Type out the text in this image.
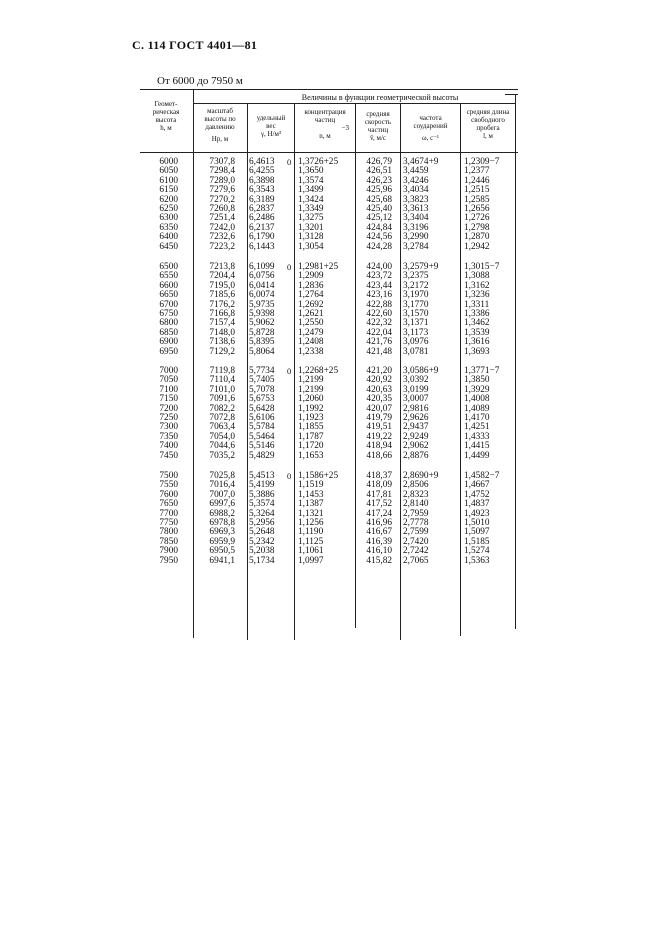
С. 114 ГОСТ 4401—81
От 6000 до 7950 м
Величины в функции геометрической высоты
Геомет-
рическая
высота
h, м
масштаб
высоты по
давлению
Hp, м
удельный
вес
γ, Н/м³
концентрация
частиц
−3
n, м
средняя
скорость
частиц
v̄, м/с
частота
соударений
ω, с⁻¹
средняя длина
свободного
пробега
l, м
6000	7307,8 6,4613	1,3726+25	426,79 3,4674+9	1,2309−7
0
6050	7298,4 6,4255	1,3650	426,51 3,4459	1,2377
6100	7289,0 6,3898	1,3574	426,23 3,4246	1,2446
6150	7279,6 6,3543	1,3499	425,96 3,4034	1,2515
6200	7270,2 6,3189	1,3424	425,68 3,3823	1,2585
6250	7260,8 6,2837	1,3349	425,40 3,3613	1,2656
6300	7251,4 6,2486	1,3275	425,12 3,3404	1,2726
6350	7242,0 6,2137	1,3201	424,84 3,3196	1,2798
6400	7232,6 6,1790	1,3128	424,56 3,2990	1,2870
6450	7223,2 6,1443	1,3054	424,28 3,2784	1,2942
6500	7213,8 6,1099	1,2981+25	424,00 3,2579+9	1,3015−7
0
6550	7204,4 6,0756	1,2909	423,72 3,2375	1,3088
6600	7195,0 6,0414	1,2836	423,44 3,2172	1,3162
6650	7185,6 6,0074	1,2764	423,16 3,1970	1,3236
6700	7176,2 5,9735	1,2692	422,88 3,1770	1,3311
6750	7166,8 5,9398	1,2621	422,60 3,1570	1,3386
6800	7157,4 5,9062	1,2550	422,32 3,1371	1,3462
6850	7148,0 5,8728	1,2479	422,04 3,1173	1,3539
6900	7138,6 5,8395	1,2408	421,76 3,0976	1,3616
6950	7129,2 5,8064	1,2338	421,48 3,0781	1,3693
7000	7119,8 5,7734	1,2268+25	421,20 3,0586+9	1,3771−7
0
7050	7110,4 5,7405	1,2199	420,92 3,0392	1,3850
7100	7101,0 5,7078	1,2199	420,63 3,0199	1,3929
7150	7091,6 5,6753	1,2060	420,35 3,0007	1,4008
7200	7082,2 5,6428	1,1992	420,07 2,9816	1,4089
7250	7072,8 5,6106	1,1923	419,79 2,9626	1,4170
7300	7063,4 5,5784	1,1855	419,51 2,9437	1,4251
7350	7054,0 5,5464	1,1787	419,22 2,9249	1,4333
7400	7044,6 5,5146	1,1720	418,94 2,9062	1,4415
7450	7035,2 5,4829	1,1653	418,66 2,8876	1,4499
7500	7025,8 5,4513	1,1586+25	418,37 2,8690+9	1,4582−7
0
7550	7016,4 5,4199	1,1519	418,09 2,8506	1,4667
7600	7007,0 5,3886	1,1453	417,81 2,8323	1,4752
7650	6997,6 5,3574	1,1387	417,52 2,8140	1,4837
7700	6988,2 5,3264	1,1321	417,24 2,7959	1,4923
7750	6978,8 5,2956	1,1256	416,96 2,7778	1,5010
7800	6969,3 5,2648	1,1190	416,67 2,7599	1,5097
7850	6959,9 5,2342	1,1125	416,39 2,7420	1,5185
7900	6950,5 5,2038	1,1061	416,10 2,7242	1,5274
7950	6941,1 5,1734	1,0997	415,82 2,7065	1,5363
